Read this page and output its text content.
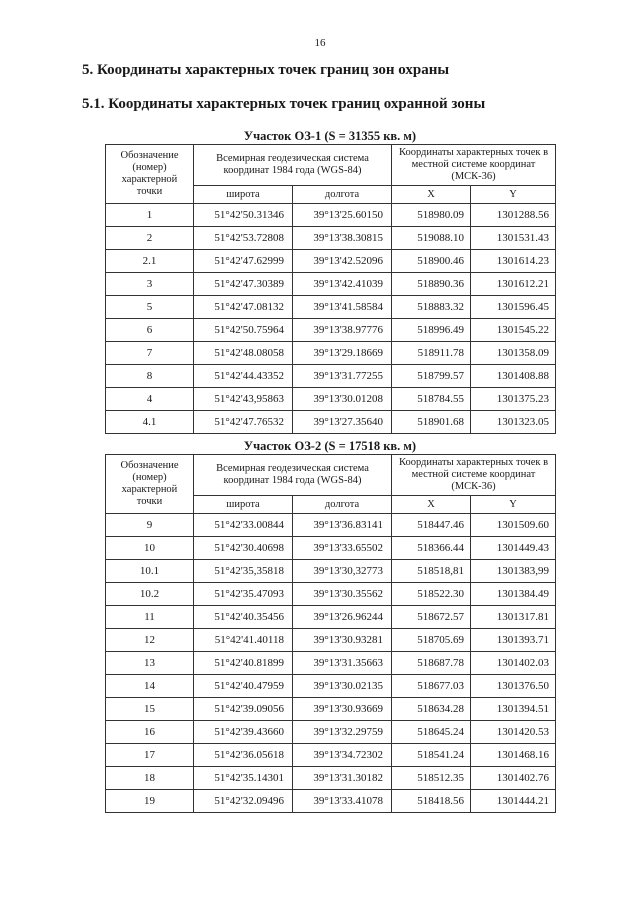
16
5. Координаты характерных точек границ зон охраны
5.1. Координаты характерных точек границ охранной зоны
Участок ОЗ-1 (S = 31355 кв. м)
Обозначение (номер) характерной точки	Всемирная геодезическая система координат 1984 года (WGS-84)		Координаты характерных точек в местной системе координат (МСК-36)	
	широта	долгота	X	Y
1	51°42'50.31346	39°13'25.60150	518980.09	1301288.56
2	51°42'53.72808	39°13'38.30815	519088.10	1301531.43
2.1	51°42'47.62999	39°13'42.52096	518900.46	1301614.23
3	51°42'47.30389	39°13'42.41039	518890.36	1301612.21
5	51°42'47.08132	39°13'41.58584	518883.32	1301596.45
6	51°42'50.75964	39°13'38.97776	518996.49	1301545.22
7	51°42'48.08058	39°13'29.18669	518911.78	1301358.09
8	51°42'44.43352	39°13'31.77255	518799.57	1301408.88
4	51°42'43,95863	39°13'30.01208	518784.55	1301375.23
4.1	51°42'47.76532	39°13'27.35640	518901.68	1301323.05
Участок ОЗ-2 (S = 17518 кв. м)
Обозначение (номер) характерной точки	Всемирная геодезическая система координат 1984 года (WGS-84)		Координаты характерных точек в местной системе координат (МСК-36)	
	широта	долгота	X	Y
9	51°42'33.00844	39°13'36.83141	518447.46	1301509.60
10	51°42'30.40698	39°13'33.65502	518366.44	1301449.43
10.1	51°42'35,35818	39°13'30,32773	518518,81	1301383,99
10.2	51°42'35.47093	39°13'30.35562	518522.30	1301384.49
11	51°42'40.35456	39°13'26.96244	518672.57	1301317.81
12	51°42'41.40118	39°13'30.93281	518705.69	1301393.71
13	51°42'40.81899	39°13'31.35663	518687.78	1301402.03
14	51°42'40.47959	39°13'30.02135	518677.03	1301376.50
15	51°42'39.09056	39°13'30.93669	518634.28	1301394.51
16	51°42'39.43660	39°13'32.29759	518645.24	1301420.53
17	51°42'36.05618	39°13'34.72302	518541.24	1301468.16
18	51°42'35.14301	39°13'31.30182	518512.35	1301402.76
19	51°42'32.09496	39°13'33.41078	518418.56	1301444.21
